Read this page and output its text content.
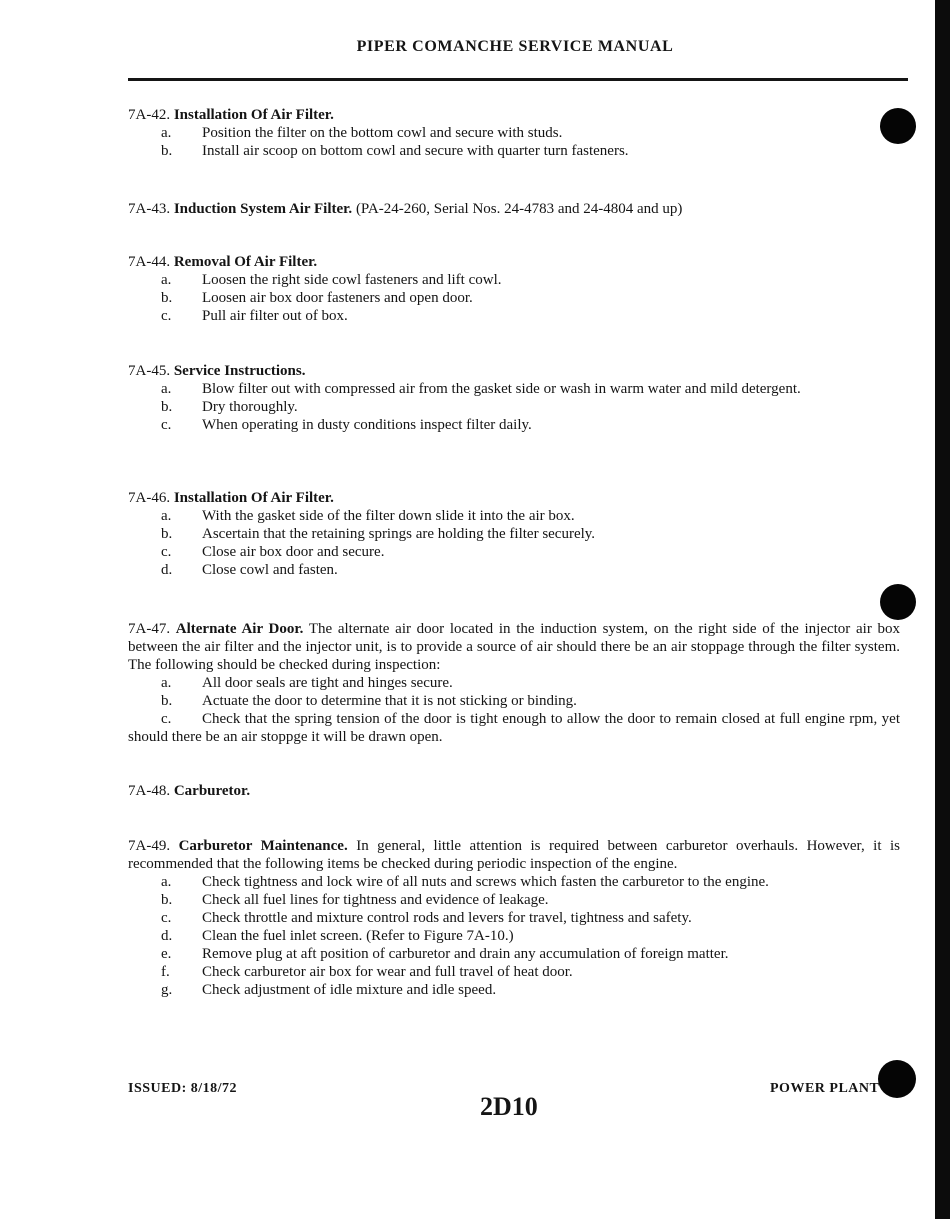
PIPER COMANCHE SERVICE MANUAL

7A-42. Installation Of Air Filter.

a. Position the filter on the bottom cowl and secure with studs.

b. Install air scoop on bottom cowl and secure with quarter turn fasteners.

7A-43. Induction System Air Filter. (PA-24-260, Serial Nos. 24-4783 and 24-4804 and up)

7A-44. Removal Of Air Filter.

a. Loosen the right side cowl fasteners and lift cowl.

b. Loosen air box door fasteners and open door.

c. Pull air filter out of box.

7A-45. Service Instructions.

a. Blow filter out with compressed air from the gasket side or wash in warm water and mild detergent.

b. Dry thoroughly.

c. When operating in dusty conditions inspect filter daily.

7A-46. Installation Of Air Filter.

a. With the gasket side of the filter down slide it into the air box.

b. Ascertain that the retaining springs are holding the filter securely.

c. Close air box door and secure.

d. Close cowl and fasten.

7A-47. Alternate Air Door. The alternate air door located in the induction system, on the right side of the injector air box between the air filter and the injector unit, is to provide a source of air should there be an air stoppage through the filter system. The following should be checked during inspection:

a. All door seals are tight and hinges secure.

b. Actuate the door to determine that it is not sticking or binding.

c. Check that the spring tension of the door is tight enough to allow the door to remain closed at full engine rpm, yet should there be an air stoppge it will be drawn open.

7A-48. Carburetor.

7A-49. Carburetor Maintenance. In general, little attention is required between carburetor overhauls. However, it is recommended that the following items be checked during periodic inspection of the engine.

a. Check tightness and lock wire of all nuts and screws which fasten the carburetor to the engine.

b. Check all fuel lines for tightness and evidence of leakage.

c. Check throttle and mixture control rods and levers for travel, tightness and safety.

d. Clean the fuel inlet screen. (Refer to Figure 7A-10.)

e. Remove plug at aft position of carburetor and drain any accumulation of foreign matter.

f. Check carburetor air box for wear and full travel of heat door.

g. Check adjustment of idle mixture and idle speed.

ISSUED: 8/18/72
2D10
POWER PLANT
